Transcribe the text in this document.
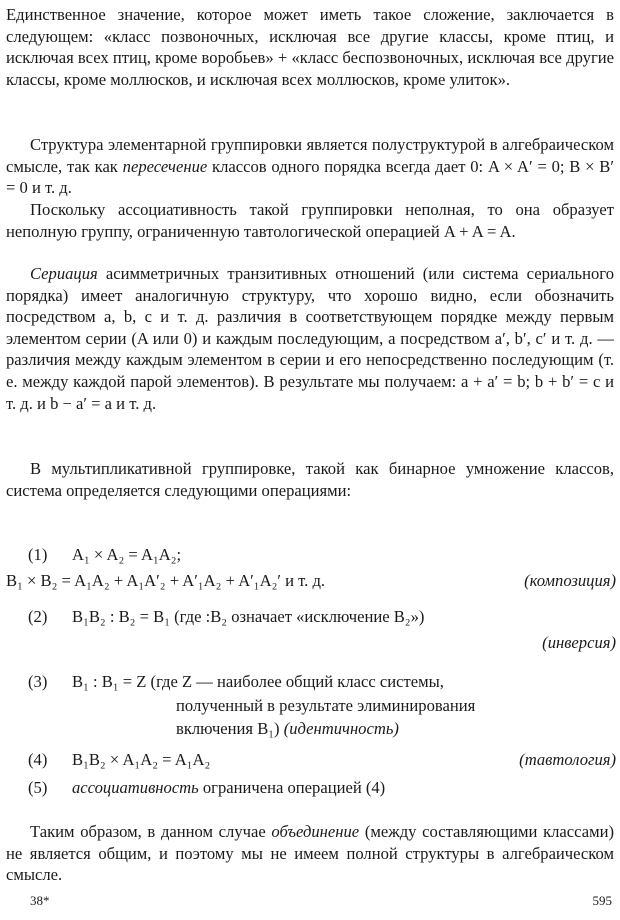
Единственное значение, которое может иметь такое сложение, заключается в следующем: «класс позвоночных, исключая все другие классы, кроме птиц, и исключая всех птиц, кроме воробьев» + «класс беспозвоночных, исключая все другие классы, кроме моллюсков, и исключая всех моллюсков, кроме улиток».

Структура элементарной группировки является полуструктурой в алгебраическом смысле, так как пересечение классов одного порядка всегда дает 0: A × A′ = 0; B × B′ = 0 и т. д.

Поскольку ассоциативность такой группировки неполная, то она образует неполную группу, ограниченную тавтологической операцией A + A = A.

Сериация асимметричных транзитивных отношений (или система сериального порядка) имеет аналогичную структуру, что хорошо видно, если обозначить посредством a, b, c и т. д. различия в соответствующем порядке между первым элементом серии (A или 0) и каждым последующим, а посредством a′, b′, c′ и т. д. — различия между каждым элементом в серии и его непосредственно последующим (т. е. между каждой парой элементов). В результате мы получаем: a + a′ = b; b + b′ = c и т. д. и b − a′ = a и т. д.

В мультипликативной группировке, такой как бинарное умножение классов, система определяется следующими операциями:

(1) A₁ × A₂ = A₁A₂;
B₁ × B₂ = A₁A₂ + A₁A′₂ + A′₁A₂ + A′₁A₂′ и т. д.	(композиция)
(2) B₁B₂ : B₂ = B₁ (где :B₂ означает «исключение B₂»)
(инверсия)
(3) B₁ : B₁ = Z (где Z — наиболее общий класс системы,
полученный в результате элиминирования
включения B₁) (идентичность)
(4) B₁B₂ × A₁A₂ = A₁A₂	(тавтология)
(5) ассоциативность ограничена операцией (4)

Таким образом, в данном случае объединение (между составляющими классами) не является общим, и поэтому мы не имеем полной структуры в алгебраическом смысле.

38*	595
